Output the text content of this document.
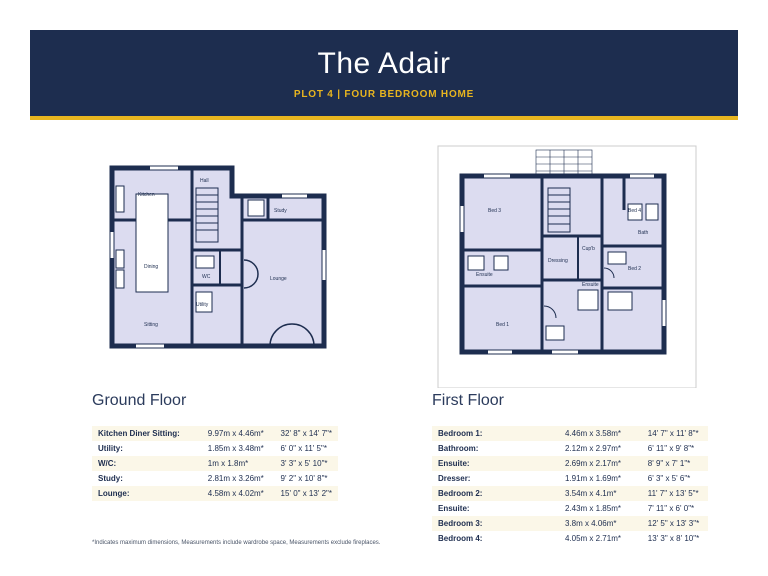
The Adair
PLOT 4 | FOUR BEDROOM HOME
Kitchen
Hall
Study
WC
Dining
Utility
Lounge
Sitting
Bed 3	Bed 4
Bath
Ensuite
Dressing
Cup'b
Bed 2
Ensuite
Bed 1
Ground Floor	First Floor
Kitchen Diner Sitting:	9.97m x 4.46m*	32' 8" x 14' 7"*
Utility:	1.85m x 3.48m*	6' 0" x 11' 5"*
W/C:	1m x 1.8m*	3' 3" x 5' 10"*
Study:	2.81m x 3.26m*	9' 2" x 10' 8"*
Lounge:	4.58m x 4.02m*	15' 0" x 13' 2"*
Bedroom 1:	4.46m x 3.58m*	14' 7" x 11' 8"*
Bathroom:	2.12m x 2.97m*	6' 11" x 9' 8"*
Ensuite:	2.69m x 2.17m*	8' 9" x 7' 1"*
Dresser:	1.91m x 1.69m*	6' 3" x 5' 6"*
Bedroom 2:	3.54m x 4.1m*	11' 7" x 13' 5"*
Ensuite:	2.43m x 1.85m*	7' 11" x 6' 0"*
Bedroom 3:	3.8m x 4.06m*	12' 5" x 13' 3"*
Bedroom 4:	4.05m x 2.71m*	13' 3" x 8' 10"*
*Indicates maximum dimensions, Measurements include wardrobe space, Measurements exclude fireplaces.
